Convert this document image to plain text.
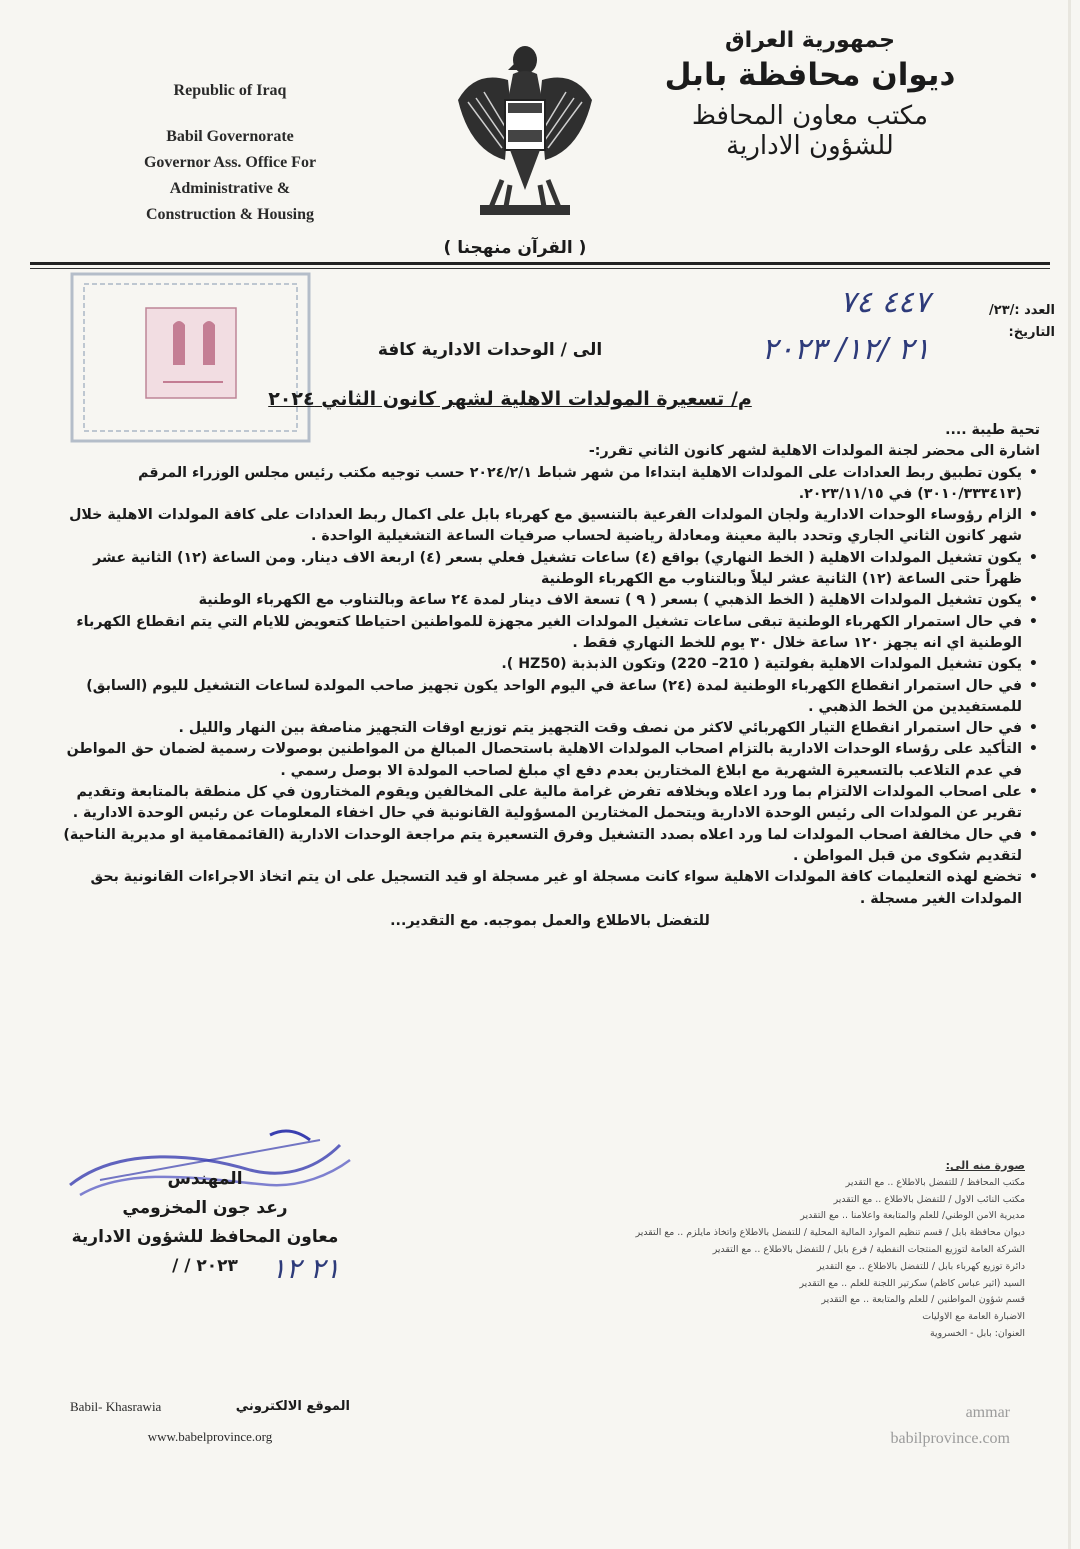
Republic of Iraq
Babil Governorate
Governor Ass. Office For
Administrative &
Construction & Housing
( القرآن منهجنا )
جمهورية العراق
ديوان محافظة بابل
مكتب معاون المحافظ
للشؤون الادارية
العدد :/٢٣/
التاريخ:
٤٤٧ ٧٤
٢١ /١٢/ ٢٠٢٣
الى / الوحدات الادارية كافة
م/ تسعيرة المولدات الاهلية لشهر كانون الثاني ٢٠٢٤

تحية طيبة ....

اشارة الى محضر لجنة المولدات الاهلية لشهر كانون الثاني تقرر:-

• يكون تطبيق ربط العدادات على المولدات الاهلية ابتداءا من شهر شباط ٢٠٢٤/٢/١ حسب توجيه مكتب رئيس مجلس الوزراء المرقم (٣٠١٠/٣٣٣٤١٣) في ٢٠٢٣/١١/١٥.
• الزام رؤوساء الوحدات الادارية ولجان المولدات الفرعية بالتنسيق مع كهرباء بابل على اكمال ربط العدادات على كافة المولدات الاهلية خلال شهر كانون الثاني الجاري وتحدد بالية معينة ومعادلة رياضية لحساب صرفيات الساعة التشغيلية الواحدة .
• يكون تشغيل المولدات الاهلية ( الخط النهاري) بواقع (٤) ساعات تشغيل فعلي بسعر (٤) اربعة الاف دينار. ومن الساعة (١٢) الثانية عشر ظهراً حتى الساعة (١٢) الثانية عشر ليلاً وبالتناوب مع الكهرباء الوطنية
• يكون تشغيل المولدات الاهلية ( الخط الذهبي ) بسعر ( ٩ ) تسعة الاف دينار لمدة ٢٤ ساعة وبالتناوب مع الكهرباء الوطنية
• في حال استمرار الكهرباء الوطنية تبقى ساعات تشغيل المولدات الغير مجهزة للمواطنين احتياطا كتعويض للايام التي يتم انقطاع الكهرباء الوطنية اي انه يجهز ١٢٠ ساعة خلال ٣٠ يوم للخط النهاري فقط .
• يكون تشغيل المولدات الاهلية بفولتية ( 210– 220) وتكون الذبذبة (HZ50 ).
• في حال استمرار انقطاع الكهرباء الوطنية لمدة (٢٤) ساعة في اليوم الواحد يكون تجهيز صاحب المولدة لساعات التشغيل لليوم (السابق) للمستفيدين من الخط الذهبي .
• في حال استمرار انقطاع التيار الكهربائي لاكثر من نصف وقت التجهيز يتم توزيع اوقات التجهيز مناصفة بين النهار والليل .
• التأكيد على رؤساء الوحدات الادارية بالتزام اصحاب المولدات الاهلية باستحصال المبالغ من المواطنين بوصولات رسمية لضمان حق المواطن في عدم التلاعب بالتسعيرة الشهرية مع ابلاغ المختارين بعدم دفع اي مبلغ لصاحب المولدة الا بوصل رسمي .
• على اصحاب المولدات الالتزام بما ورد اعلاه وبخلافه تفرض غرامة مالية على المخالفين ويقوم المختارون في كل منطقة بالمتابعة وتقديم تقرير عن المولدات الى رئيس الوحدة الادارية ويتحمل المختارين المسؤولية القانونية في حال اخفاء المعلومات عن رئيس الوحدة الادارية .
• في حال مخالفة اصحاب المولدات لما ورد اعلاه بصدد التشغيل وفرق التسعيرة يتم مراجعة الوحدات الادارية (القائممقامية او مديرية الناحية) لتقديم شكوى من قبل المواطن .
• تخضع لهذه التعليمات كافة المولدات الاهلية سواء كانت مسجلة او غير مسجلة او قيد التسجيل على ان يتم اتخاذ الاجراءات القانونية بحق المولدات الغير مسجلة .

للتفضل بالاطلاع والعمل بموجبه. مع التقدير...

المهندس
رعد جون المخزومي
معاون المحافظ للشؤون الادارية
٢٠٢٣ / /	٢١ ١٢
صورة منه الى:
مكتب المحافظ / للتفضل بالاطلاع .. مع التقدير
مكتب النائب الاول / للتفضل بالاطلاع .. مع التقدير
مديرية الامن الوطني/ للعلم والمتابعة واعلامنا .. مع التقدير
ديوان محافظة بابل / قسم تنظيم الموارد المالية المحلية / للتفضل بالاطلاع واتخاذ مايلزم .. مع التقدير
الشركة العامة لتوزيع المنتجات النفطية / فرع بابل / للتفضل بالاطلاع .. مع التقدير
دائرة توزيع كهرباء بابل / للتفضل بالاطلاع .. مع التقدير
السيد (اثير عباس كاظم) سكرتير اللجنة للعلم .. مع التقدير
قسم شؤون المواطنين / للعلم والمتابعة .. مع التقدير
الاضبارة العامة مع الاوليات
العنوان: بابل - الخسروية
Babil- Khasrawia	الموقع الالكتروني
www.babelprovince.org
ammar
babilprovince.com
